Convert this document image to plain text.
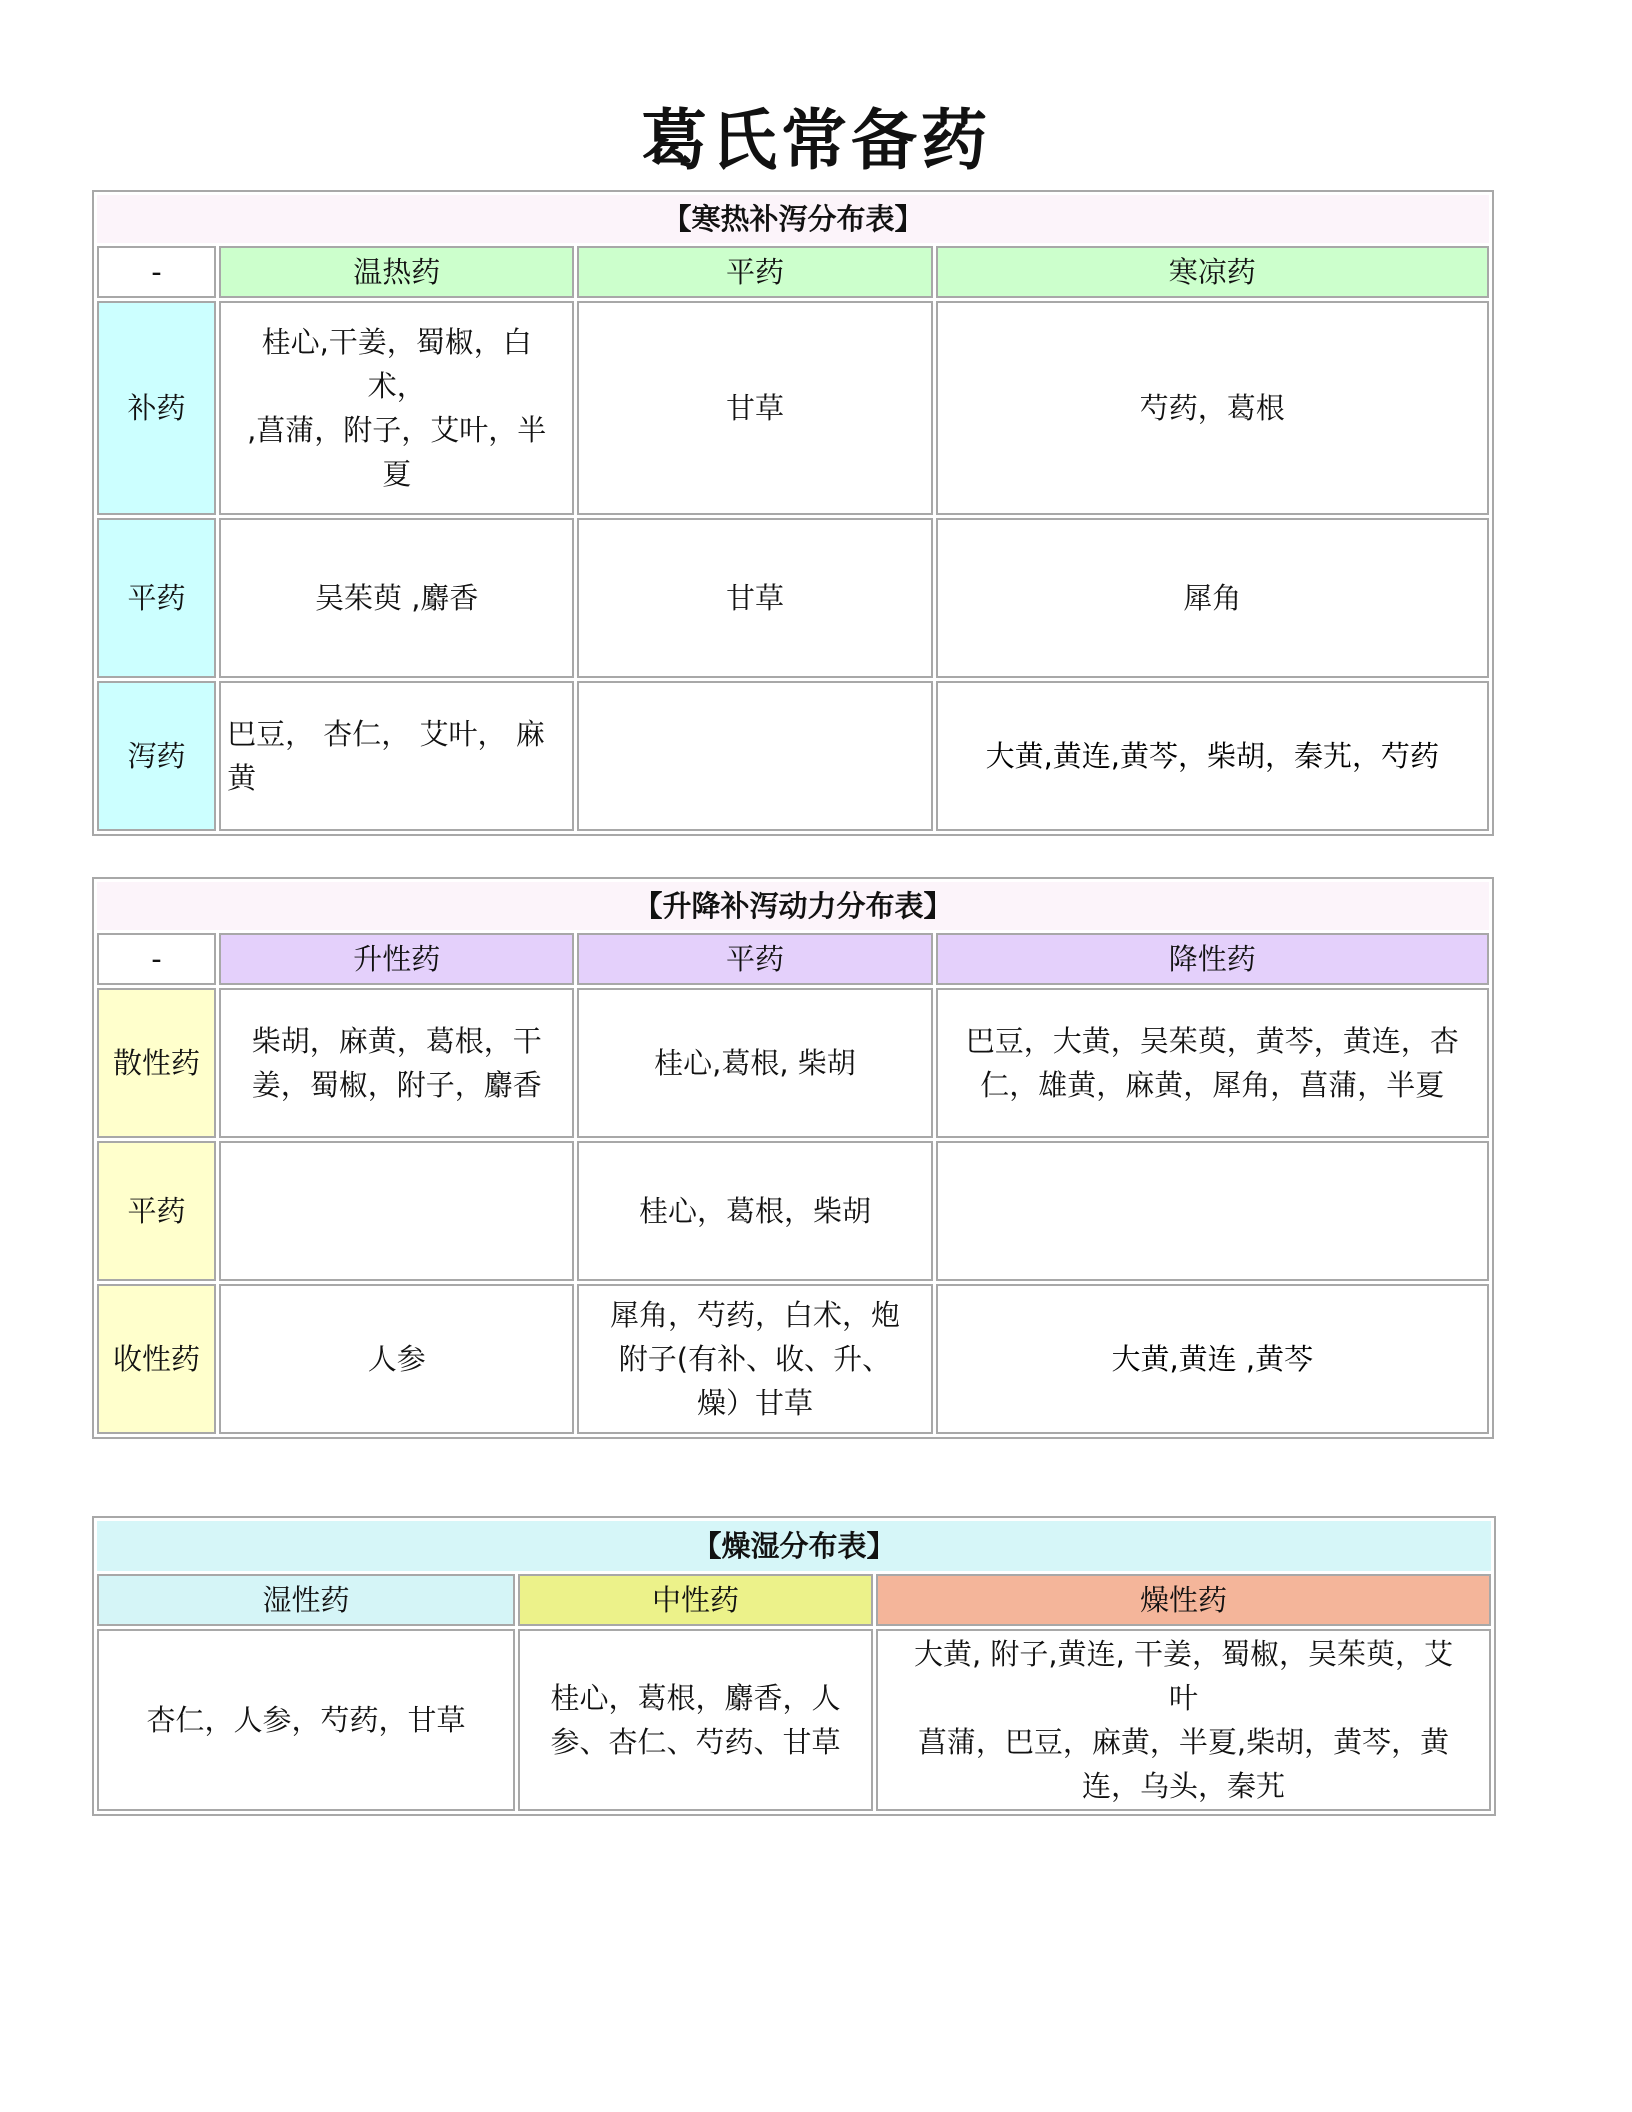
葛氏常备药
【寒热补泻分布表】			
-	温热药	平药	寒凉药
补药	桂心,干姜，蜀椒，白
术，
,菖蒲，附子，艾叶，半
夏	甘草	芍药，葛根
平药	吴茱萸 ,麝香	甘草	犀角
泻药	巴豆， 杏仁， 艾叶， 麻
黄		大黄,黄连,黄芩，柴胡，秦艽，芍药
【升降补泻动力分布表】			
-	升性药	平药	降性药
散性药	柴胡，麻黄，葛根，干
姜，蜀椒，附子，麝香	桂心,葛根, 柴胡	巴豆，大黄，吴茱萸，黄芩，黄连，杏
仁，雄黄，麻黄，犀角，菖蒲，半夏

平药		桂心，葛根，柴胡	
收性药	人参	犀角，芍药，白术，炮
附子(有补、收、升、
燥）甘草	大黄,黄连 ,黄芩
【燥湿分布表】		
湿性药	中性药	燥性药
杏仁，人参，芍药，甘草	桂心，葛根，麝香，人
参、杏仁、芍药、甘草	大黄, 附子,黄连, 干姜，蜀椒，吴茱萸，艾
叶
菖蒲，巴豆，麻黄，半夏,柴胡，黄芩，黄
连，乌头，秦艽
